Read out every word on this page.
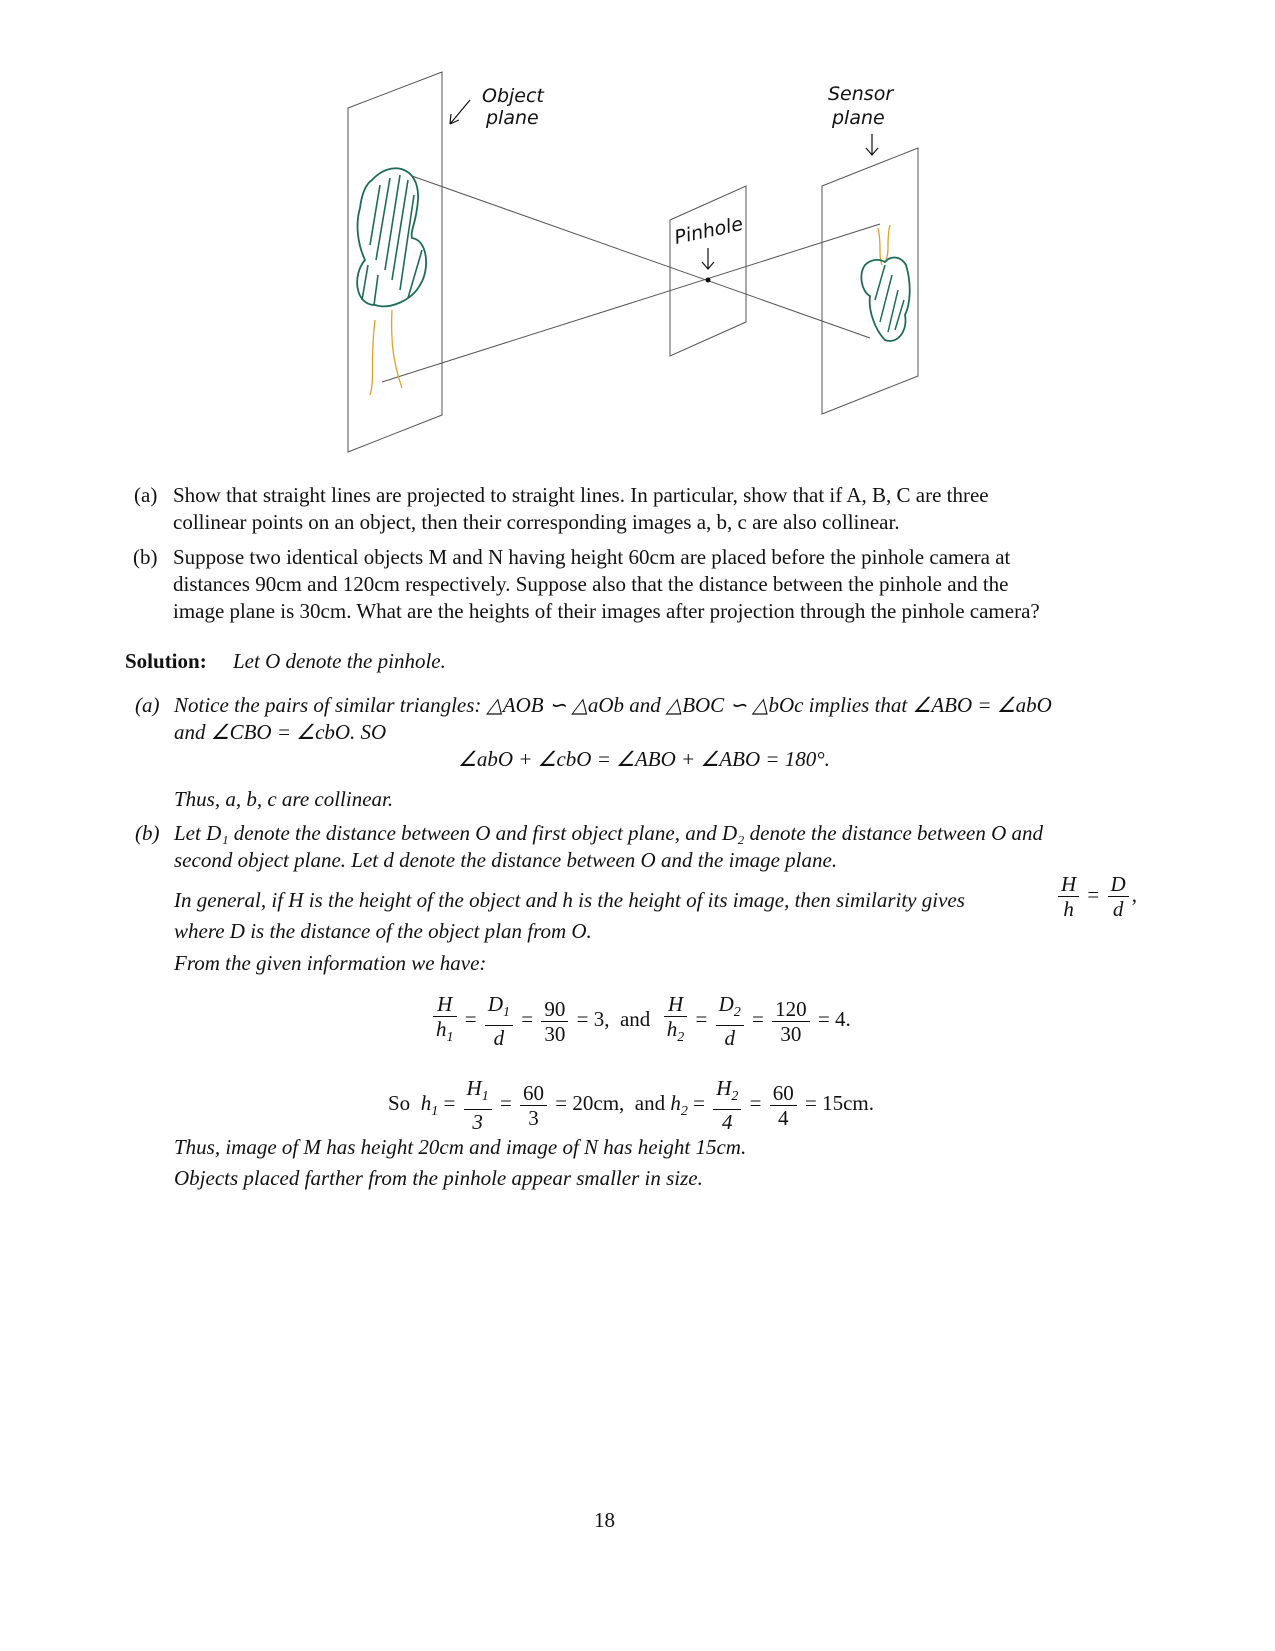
Object
plane
Sensor
plane
Pinhole
(a) Show that straight lines are projected to straight lines. In particular, show that if A, B, C are three
collinear points on an object, then their corresponding images a, b, c are also collinear.
(b) Suppose two identical objects M and N having height 60cm are placed before the pinhole camera at
distances 90cm and 120cm respectively. Suppose also that the distance between the pinhole and the
image plane is 30cm. What are the heights of their images after projection through the pinhole camera?
Solution: Let O denote the pinhole.
(a) Notice the pairs of similar triangles: △AOB ∽ △aOb and △BOC ∽ △bOc implies that ∠ABO = ∠abO
and ∠CBO = ∠cbO. SO
∠abO + ∠cbO = ∠ABO + ∠ABO = 180°.
Thus, a, b, c are collinear.
(b) Let D₁ denote the distance between O and first object plane, and D₂ denote the distance between O and
second object plane. Let d denote the distance between O and the image plane.
In general, if H is the height of the object and h is the height of its image, then similarity gives	$\frac{H}{h} = \frac{D}{d}$ ,
where D is the distance of the object plan from O.
From the given information we have:
$\frac{H}{h_1} = \frac{D_1}{d} = \frac{90}{30} = 3$,  and $\frac{H}{h_2} = \frac{D_2}{d} = \frac{120}{30} = 4$.
So  $h_1 = \frac{H_1}{3} = \frac{60}{3} = 20cm$,  and $h_2 = \frac{H_2}{4} = \frac{60}{4} = 15cm$.
Thus, image of M has height 20cm and image of N has height 15cm.
Objects placed farther from the pinhole appear smaller in size.
18
